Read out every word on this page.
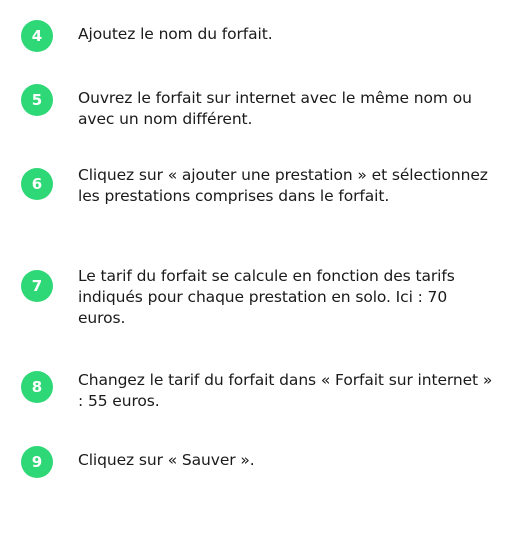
4	Ajoutez le nom du forfait.
5	Ouvrez le forfait sur internet avec le même nom ou avec un nom différent.
6	Cliquez sur « ajouter une prestation » et sélectionnez les prestations comprises dans le forfait.
7
Le tarif du forfait se calcule en fonction des tarifs indiqués pour chaque prestation en solo. Ici : 70 euros.
8	Changez le tarif du forfait dans « Forfait sur internet » : 55 euros.
9	Cliquez sur « Sauver ».
